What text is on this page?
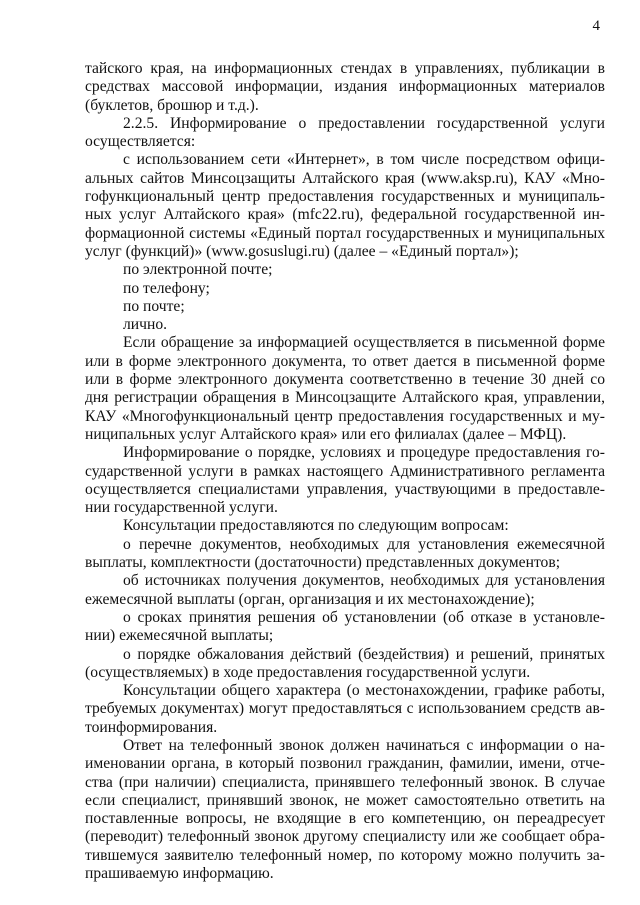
4
тайского края, на информационных стендах в управлениях, публикации в
средствах массовой информации, издания информационных материалов
(буклетов, брошюр и т.д.).
2.2.5. Информирование о предоставлении государственной услуги
осуществляется:
с использованием сети «Интернет», в том числе посредством офици-
альных сайтов Минсоцзащиты Алтайского края (www.aksp.ru), КАУ «Мно-
гофункциональный центр предоставления государственных и муниципаль-
ных услуг Алтайского края» (mfc22.ru), федеральной государственной ин-
формационной системы «Единый портал государственных и муниципальных
услуг (функций)» (www.gosuslugi.ru) (далее – «Единый портал»);
по электронной почте;
по телефону;
по почте;
лично.
Если обращение за информацией осуществляется в письменной форме
или в форме электронного документа, то ответ дается в письменной форме
или в форме электронного документа соответственно в течение 30 дней со
дня регистрации обращения в Минсоцзащите Алтайского края, управлении,
КАУ «Многофункциональный центр предоставления государственных и му-
ниципальных услуг Алтайского края» или его филиалах (далее – МФЦ).
Информирование о порядке, условиях и процедуре предоставления го-
сударственной услуги в рамках настоящего Административного регламента
осуществляется специалистами управления, участвующими в предоставле-
нии государственной услуги.
Консультации предоставляются по следующим вопросам:
о перечне документов, необходимых для установления ежемесячной
выплаты, комплектности (достаточности) представленных документов;
об источниках получения документов, необходимых для установления
ежемесячной выплаты (орган, организация и их местонахождение);
о сроках принятия решения об установлении (об отказе в установле-
нии) ежемесячной выплаты;
о порядке обжалования действий (бездействия) и решений, принятых
(осуществляемых) в ходе предоставления государственной услуги.
Консультации общего характера (о местонахождении, графике работы,
требуемых документах) могут предоставляться с использованием средств ав-
тоинформирования.
Ответ на телефонный звонок должен начинаться с информации о на-
именовании органа, в который позвонил гражданин, фамилии, имени, отче-
ства (при наличии) специалиста, принявшего телефонный звонок. В случае
если специалист, принявший звонок, не может самостоятельно ответить на
поставленные вопросы, не входящие в его компетенцию, он переадресует
(переводит) телефонный звонок другому специалисту или же сообщает обра-
тившемуся заявителю телефонный номер, по которому можно получить за-
прашиваемую информацию.
